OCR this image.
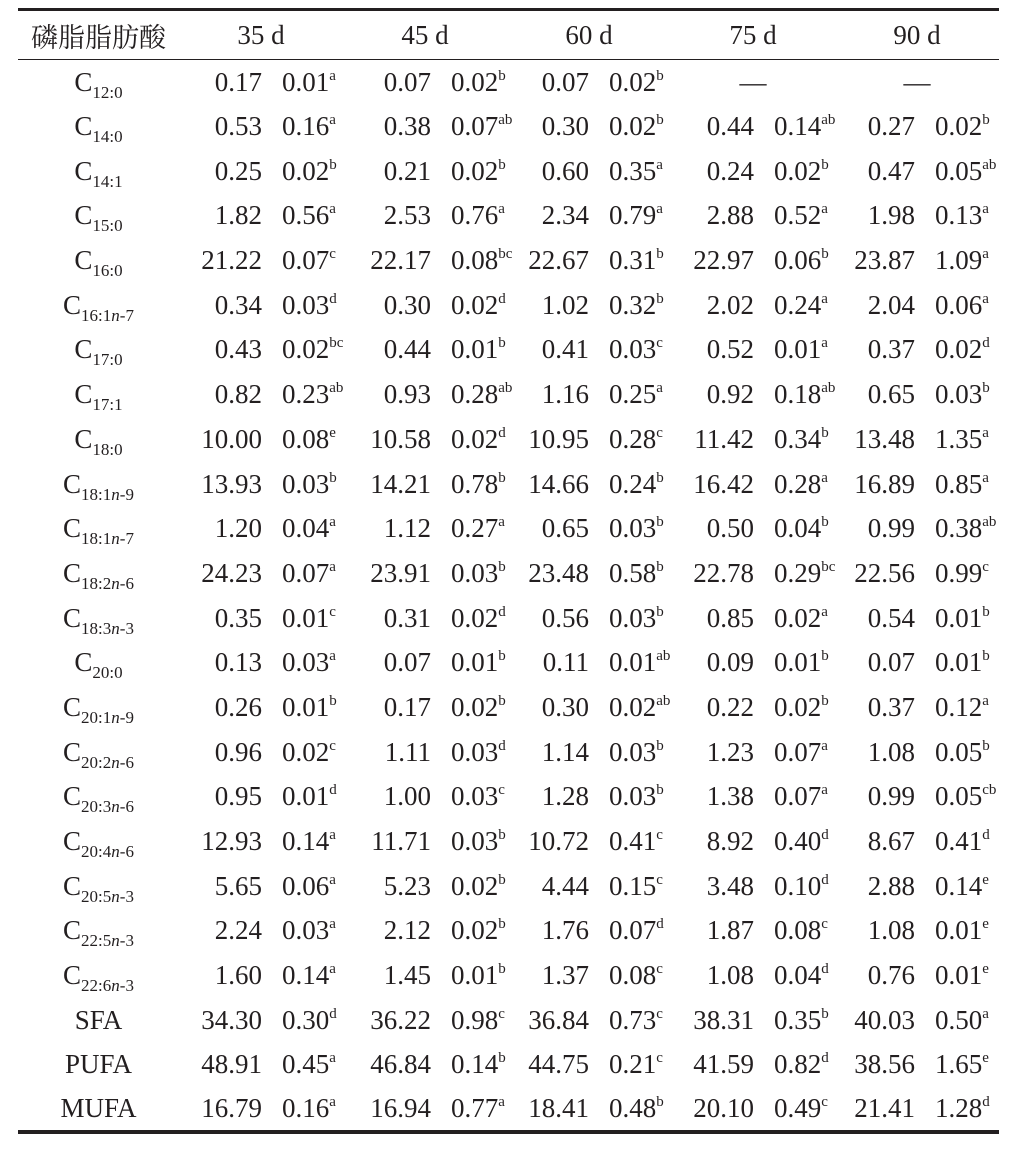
磷脂脂肪酸	35 d		45 d		60 d		75 d		90 d	
$C_{12:0}$	0.17	0.01$^a$	0.07	0.02$^b$	0.07	0.02$^b$	—		—	
$C_{14:0}$	0.53	0.16$^a$	0.38	0.07$^{ab}$	0.30	0.02$^b$	0.44	0.14$^{ab}$	0.27	0.02$^b$
$C_{14:1}$	0.25	0.02$^b$	0.21	0.02$^b$	0.60	0.35$^a$	0.24	0.02$^b$	0.47	0.05$^{ab}$
$C_{15:0}$	1.82	0.56$^a$	2.53	0.76$^a$	2.34	0.79$^a$	2.88	0.52$^a$	1.98	0.13$^a$
$C_{16:0}$	21.22	0.07$^c$	22.17	0.08$^{bc}$	22.67	0.31$^b$	22.97	0.06$^b$	23.87	1.09$^a$
$C_{16:1n-7}$	0.34	0.03$^d$	0.30	0.02$^d$	1.02	0.32$^b$	2.02	0.24$^a$	2.04	0.06$^a$
$C_{17:0}$	0.43	0.02$^{bc}$	0.44	0.01$^b$	0.41	0.03$^c$	0.52	0.01$^a$	0.37	0.02$^d$
$C_{17:1}$	0.82	0.23$^{ab}$	0.93	0.28$^{ab}$	1.16	0.25$^a$	0.92	0.18$^{ab}$	0.65	0.03$^b$
$C_{18:0}$	10.00	0.08e	10.58	0.02$^d$	10.95	0.28$^c$	11.42	0.34$^b$	13.48	1.35$^a$
$C_{18:1n-9}$	13.93	0.03$^b$	14.21	0.78$^b$	14.66	0.24$^b$	16.42	0.28$^a$	16.89	0.85$^a$
$C_{18:1n-7}$	1.20	0.04$^a$	1.12	0.27$^a$	0.65	0.03$^b$	0.50	0.04$^b$	0.99	0.38$^{ab}$
$C_{18:2n-6}$	24.23	0.07$^a$	23.91	0.03$^b$	23.48	0.58$^b$	22.78	0.29$^{bc}$	22.56	0.99$^c$
$C_{18:3n-3}$	0.35	0.01$^c$	0.31	0.02$^d$	0.56	0.03$^b$	0.85	0.02$^a$	0.54	0.01$^b$
$C_{20:0}$	0.13	0.03$^a$	0.07	0.01$^b$	0.11	0.01$^{ab}$	0.09	0.01$^b$	0.07	0.01$^b$
$C_{20:1n-9}$	0.26	0.01$^b$	0.17	0.02$^b$	0.30	0.02$^{ab}$	0.22	0.02$^b$	0.37	0.12$^a$
$C_{20:2n-6}$	0.96	0.02$^c$	1.11	0.03$^d$	1.14	0.03$^b$	1.23	0.07$^a$	1.08	0.05$^b$
$C_{20:3n-6}$	0.95	0.01$^d$	1.00	0.03$^c$	1.28	0.03$^b$	1.38	0.07$^a$	0.99	0.05$^{cb}$
$C_{20:4n-6}$	12.93	0.14$^a$	11.71	0.03$^b$	10.72	0.41$^c$	8.92	0.40$^d$	8.67	0.41$^d$
$C_{20:5n-3}$	5.65	0.06$^a$	5.23	0.02$^b$	4.44	0.15$^c$	3.48	0.10$^d$	2.88	0.14e
$C_{22:5n-3}$	2.24	0.03$^a$	2.12	0.02$^b$	1.76	0.07$^d$	1.87	0.08$^c$	1.08	0.01e
$C_{22:6n-3}$	1.60	0.14$^a$	1.45	0.01$^b$	1.37	0.08$^c$	1.08	0.04$^d$	0.76	0.01e
SFA	34.30	0.30$^d$	36.22	0.98$^c$	36.84	0.73$^c$	38.31	0.35$^b$	40.03	0.50$^a$
PUFA	48.91	0.45$^a$	46.84	0.14$^b$	44.75	0.21$^c$	41.59	0.82$^d$	38.56	1.65e
MUFA	16.79	0.16$^a$	16.94	0.77$^a$	18.41	0.48$^b$	20.10	0.49$^c$	21.41	1.28$^d$
